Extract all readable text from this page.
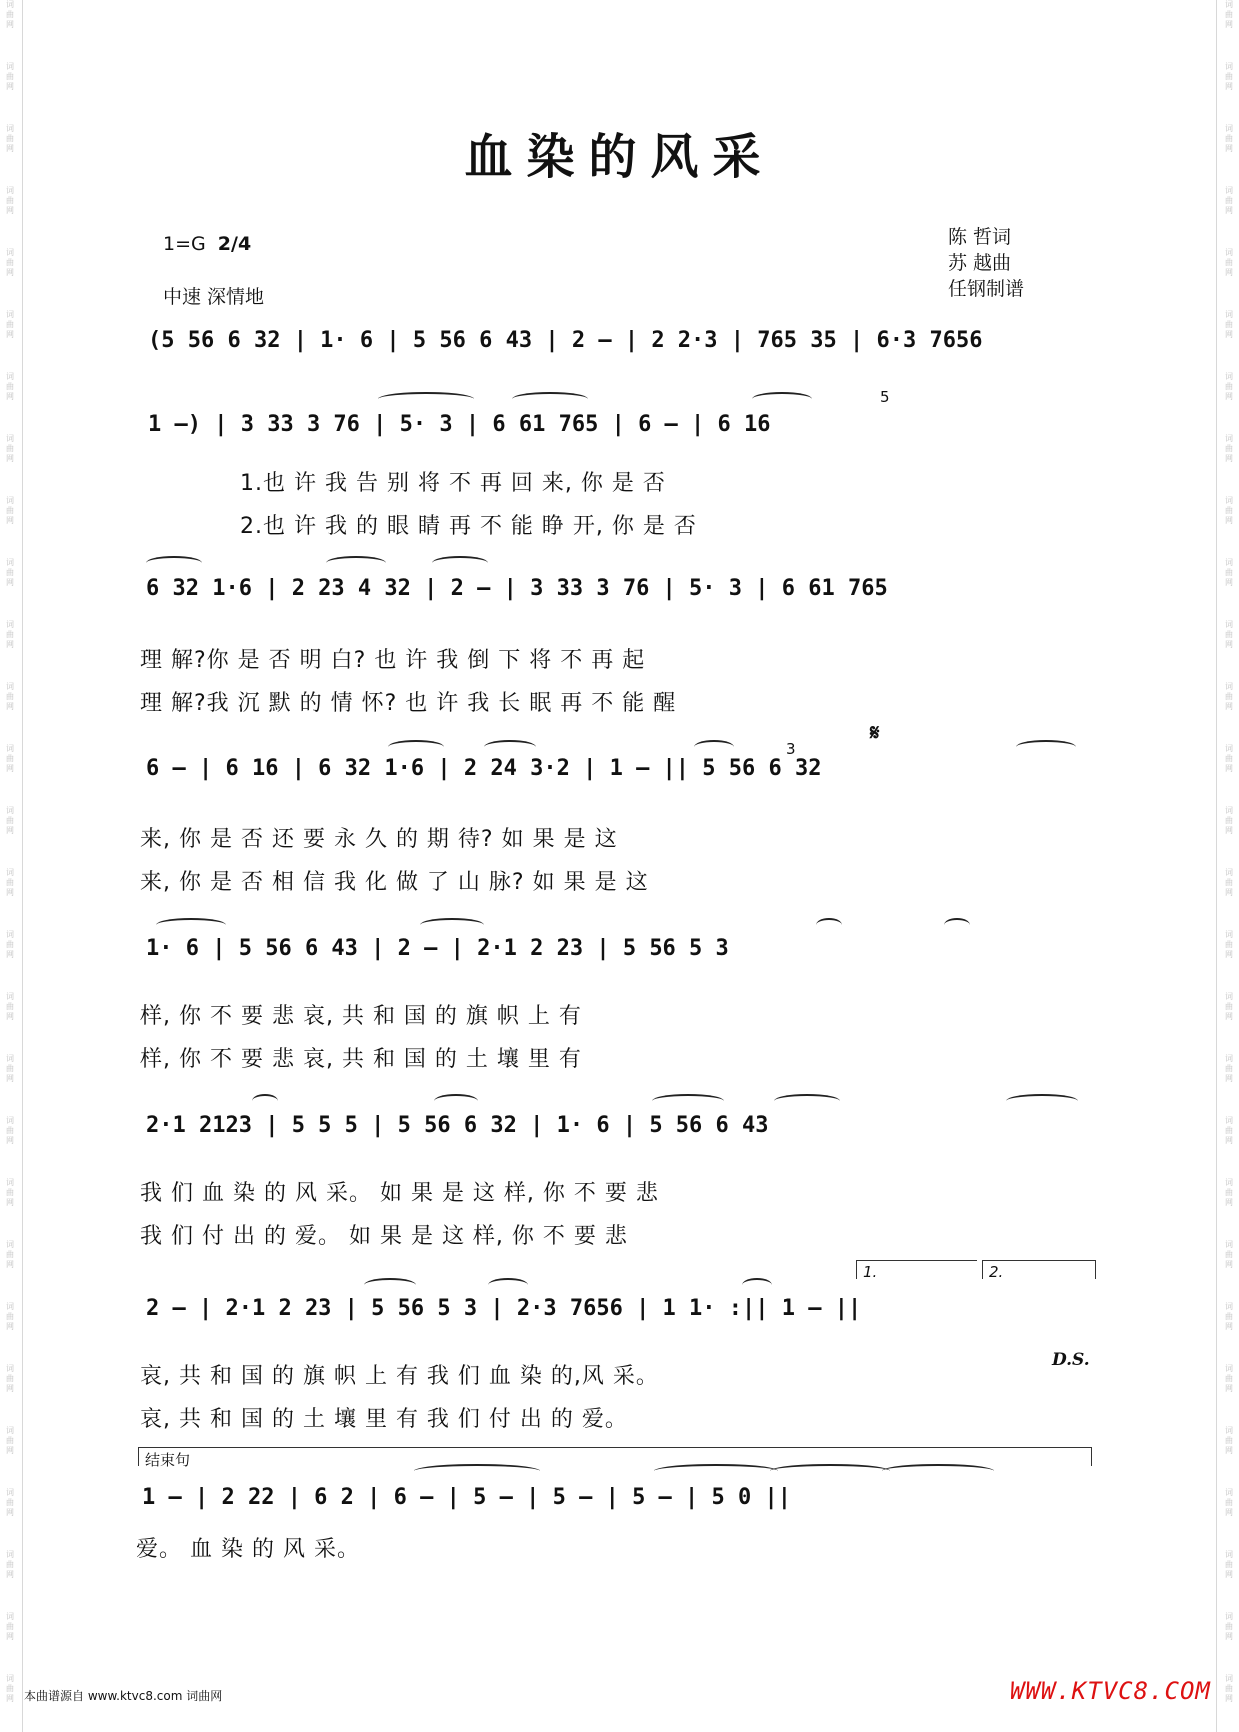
词
曲
网
词
曲
网
词
曲
网
词
曲
网
词
曲
网
词
曲
网
词
曲
网
词
曲
网
词
曲
网
词
曲
网
词
曲
网
词
曲
网
词
曲
网
词
曲
网
词
曲
网
词
曲
网
词
曲
网
词
曲
网
词
曲
网
词
曲
网
词
曲
网
词
曲
网
词
曲
网
词
曲
网
词
曲
网
词
曲
网
词
曲
网
词
曲
网
词
曲
网
词
曲
网
词
曲
网
词
曲
网
词
曲
网
词
曲
网
词
曲
网
词
曲
网
词
曲
网
词
曲
网
词
曲
网
词
曲
网
词
曲
网
词
曲
网
词
曲
网
词
曲
网
词
曲
网
词
曲
网
词
曲
网
词
曲
网
词
曲
网
词
曲
网
词
曲
网
词
曲
网
词
曲
网
词
曲
网
词
曲
网
词
曲
网
血染的风采
1=G 2/4
中速 深情地
陈 哲词
苏 越曲
任钢制谱
(5 56 6 32 | 1· 6 | 5 56 6 43 | 2 – | 2 2·3 | 765 35 | 6·3 7656
1 –) | 3 33 3 76 | 5· 3 | 6 61 765 | 6 – | 6 16
5
1.也 许 我 告 别 将 不 再 回 来, 你 是 否
2.也 许 我 的 眼 睛 再 不 能 睁 开, 你 是 否
6 32 1·6 | 2 23 4 32 | 2 – | 3 33 3 76 | 5· 3 | 6 61 765
理 解?你 是 否 明 白? 也 许 我 倒 下 将 不 再 起
理 解?我 沉 默 的 情 怀? 也 许 我 长 眠 再 不 能 醒
6 – | 6 16 | 6 32 1·6 | 2 24 3·2 | 1 – || 5 56 6 32
3
𝄋
来, 你 是 否 还 要 永 久 的 期 待? 如 果 是 这
来, 你 是 否 相 信 我 化 做 了 山 脉? 如 果 是 这
1· 6 | 5 56 6 43 | 2 – | 2·1 2 23 | 5 56 5 3
样, 你 不 要 悲 哀, 共 和 国 的 旗 帜 上 有
样, 你 不 要 悲 哀, 共 和 国 的 土 壤 里 有
2·1 2123 | 5 5 5 | 5 56 6 32 | 1· 6 | 5 56 6 43
我 们 血 染 的 风 采。 如 果 是 这 样, 你 不 要 悲
我 们 付 出 的 爱。 如 果 是 这 样, 你 不 要 悲
1.	2.
2 – | 2·1 2 23 | 5 56 5 3 | 2·3 7656 | 1 1· :|| 1 – ||
D.S.
哀, 共 和 国 的 旗 帜 上 有 我 们 血 染 的,风 采。
哀, 共 和 国 的 土 壤 里 有 我 们 付 出 的 爱。
结束句
1 – | 2 22 | 6 2 | 6 – | 5 – | 5 – | 5 – | 5 0 ||
爱。 血 染 的 风 采。
本曲谱源自 www.ktvc8.com 词曲网	WWW.KTVC8.COM
